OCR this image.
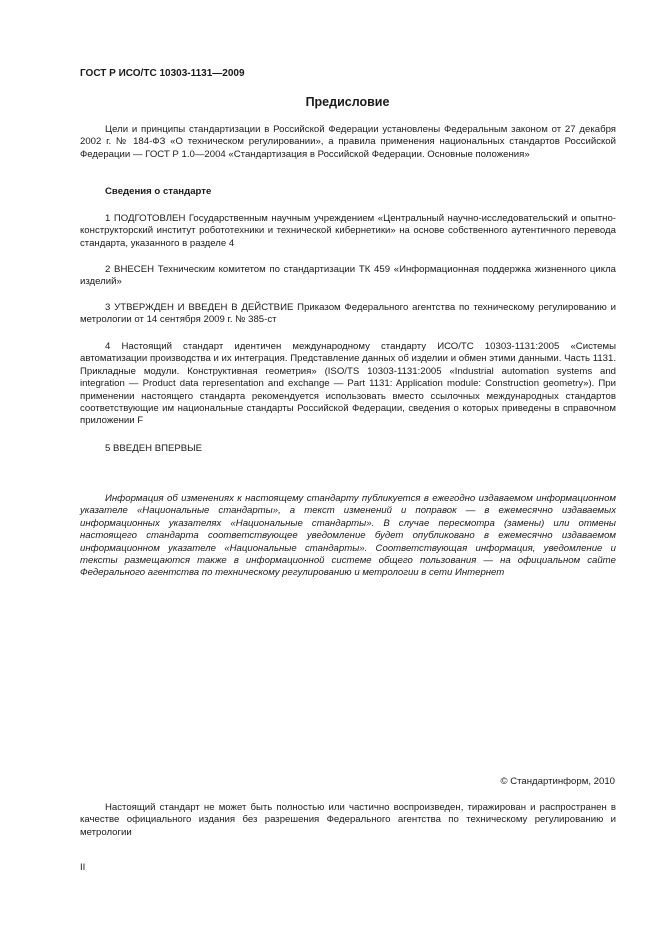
ГОСТ Р ИСО/ТС 10303-1131—2009

Предисловие

Цели и принципы стандартизации в Российской Федерации установлены Федеральным законом от 27 декабря 2002 г. № 184-ФЗ «О техническом регулировании», а правила применения национальных стандартов Российской Федерации — ГОСТ Р 1.0—2004 «Стандартизация в Российской Федерации. Основные положения»

Сведения о стандарте

1 ПОДГОТОВЛЕН Государственным научным учреждением «Центральный научно-исследовательский и опытно-конструкторский институт робототехники и технической кибернетики» на основе собственного аутентичного перевода стандарта, указанного в разделе 4

2 ВНЕСЕН Техническим комитетом по стандартизации ТК 459 «Информационная поддержка жизненного цикла изделий»

3 УТВЕРЖДЕН И ВВЕДЕН В ДЕЙСТВИЕ Приказом Федерального агентства по техническому регулированию и метрологии от 14 сентября 2009 г. № 385-ст

4 Настоящий стандарт идентичен международному стандарту ИСО/ТС 10303-1131:2005 «Системы автоматизации производства и их интеграция. Представление данных об изделии и обмен этими данными. Часть 1131. Прикладные модули. Конструктивная геометрия» (ISO/TS 10303-1131:2005 «Industrial automation systems and integration — Product data representation and exchange — Part 1131: Application module: Construction geometry»). При применении настоящего стандарта рекомендуется использовать вместо ссылочных международных стандартов соответствующие им национальные стандарты Российской Федерации, сведения о которых приведены в справочном приложении F

5 ВВЕДЕН ВПЕРВЫЕ

Информация об изменениях к настоящему стандарту публикуется в ежегодно издаваемом информационном указателе «Национальные стандарты», а текст изменений и поправок — в ежемесячно издаваемых информационных указателях «Национальные стандарты». В случае пересмотра (замены) или отмены настоящего стандарта соответствующее уведомление будет опубликовано в ежемесячно издаваемом информационном указателе «Национальные стандарты». Соответствующая информация, уведомление и тексты размещаются также в информационной системе общего пользования — на официальном сайте Федерального агентства по техническому регулированию и метрологии в сети Интернет

© Стандартинформ, 2010

Настоящий стандарт не может быть полностью или частично воспроизведен, тиражирован и распространен в качестве официального издания без разрешения Федерального агентства по техническому регулированию и метрологии

II
